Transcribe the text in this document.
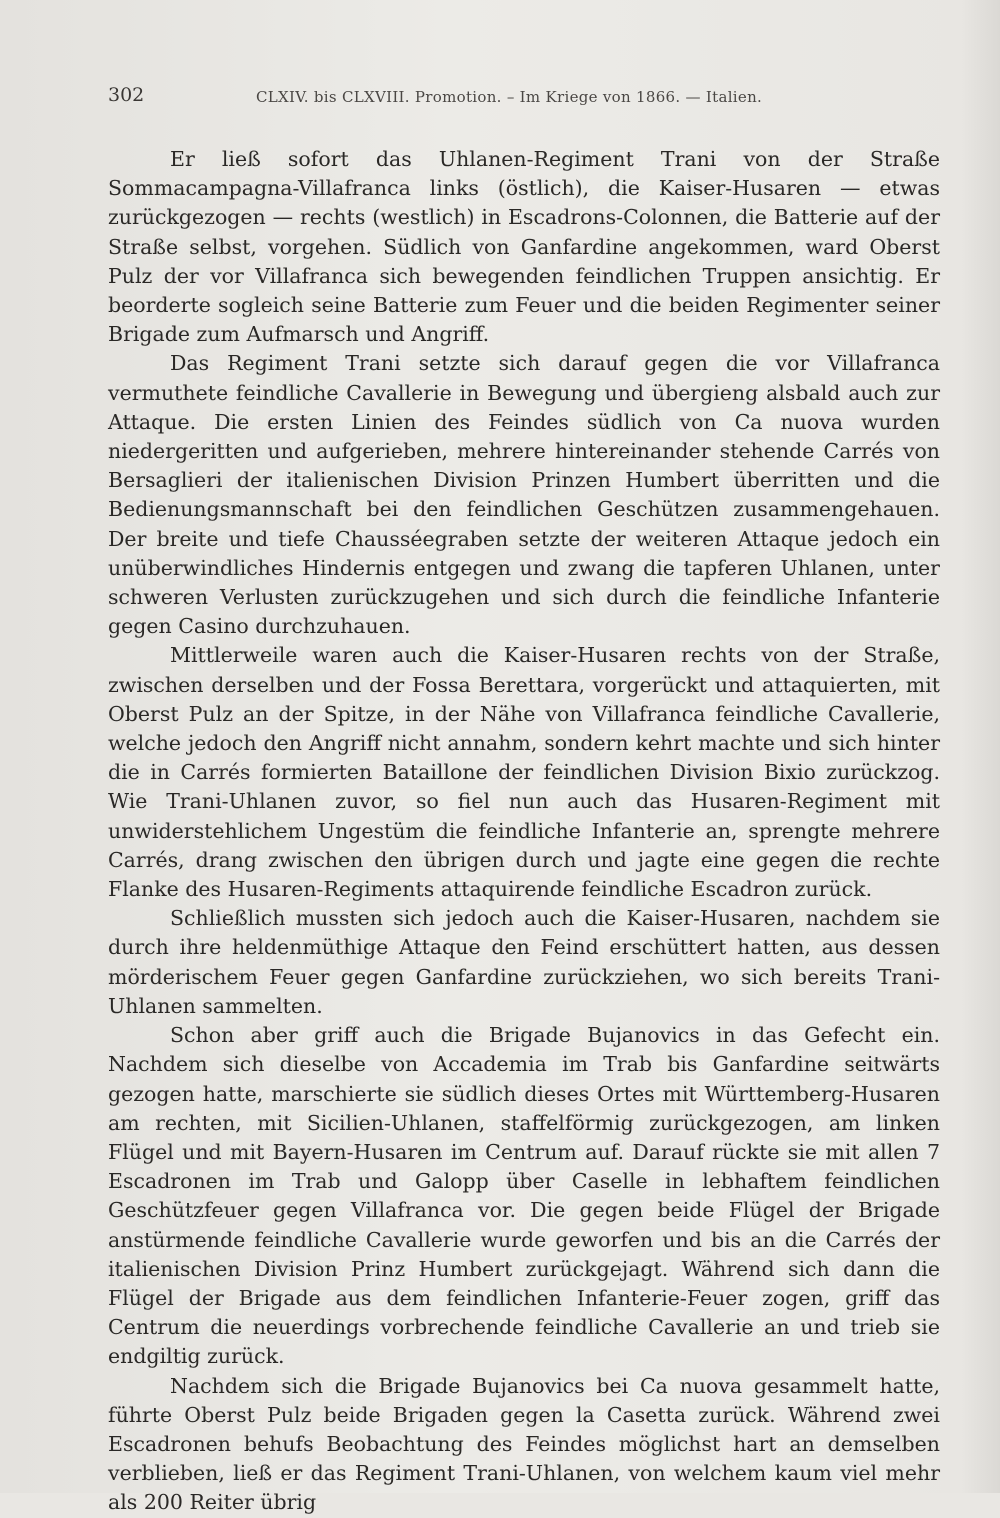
302	CLXIV. bis CLXVIII. Promotion. – Im Kriege von 1866. — Italien.

Er ließ sofort das Uhlanen-Regiment Trani von der Straße Sommacampagna-Villafranca links (östlich), die Kaiser-Husaren — etwas zurückgezogen — rechts (westlich) in Escadrons-Colonnen, die Batterie auf der Straße selbst, vorgehen. Südlich von Ganfardine angekommen, ward Oberst Pulz der vor Villafranca sich bewegenden feindlichen Truppen ansichtig. Er beorderte sogleich seine Batterie zum Feuer und die beiden Regimenter seiner Brigade zum Aufmarsch und Angriff.

Das Regiment Trani setzte sich darauf gegen die vor Villafranca vermuthete feindliche Cavallerie in Bewegung und übergieng alsbald auch zur Attaque. Die ersten Linien des Feindes südlich von Ca nuova wurden niedergeritten und aufgerieben, mehrere hintereinander stehende Carrés von Bersaglieri der italienischen Division Prinzen Humbert überritten und die Bedienungsmannschaft bei den feindlichen Geschützen zusammengehauen. Der breite und tiefe Chausséegraben setzte der weiteren Attaque jedoch ein unüberwindliches Hindernis entgegen und zwang die tapferen Uhlanen, unter schweren Verlusten zurückzugehen und sich durch die feindliche Infanterie gegen Casino durchzuhauen.

Mittlerweile waren auch die Kaiser-Husaren rechts von der Straße, zwischen derselben und der Fossa Berettara, vorgerückt und attaquierten, mit Oberst Pulz an der Spitze, in der Nähe von Villafranca feindliche Cavallerie, welche jedoch den Angriff nicht annahm, sondern kehrt machte und sich hinter die in Carrés formierten Bataillone der feindlichen Division Bixio zurückzog. Wie Trani-Uhlanen zuvor, so fiel nun auch das Husaren-Regiment mit unwiderstehlichem Ungestüm die feindliche Infanterie an, sprengte mehrere Carrés, drang zwischen den übrigen durch und jagte eine gegen die rechte Flanke des Husaren-Regiments attaquirende feindliche Escadron zurück.

Schließlich mussten sich jedoch auch die Kaiser-Husaren, nachdem sie durch ihre heldenmüthige Attaque den Feind erschüttert hatten, aus dessen mörderischem Feuer gegen Ganfardine zurückziehen, wo sich bereits Trani-Uhlanen sammelten.

Schon aber griff auch die Brigade Bujanovics in das Gefecht ein. Nachdem sich dieselbe von Accademia im Trab bis Ganfardine seitwärts gezogen hatte, marschierte sie südlich dieses Ortes mit Württemberg-Husaren am rechten, mit Sicilien-Uhlanen, staffelförmig zurückgezogen, am linken Flügel und mit Bayern-Husaren im Centrum auf. Darauf rückte sie mit allen 7 Escadronen im Trab und Galopp über Caselle in lebhaftem feindlichen Geschützfeuer gegen Villafranca vor. Die gegen beide Flügel der Brigade anstürmende feindliche Cavallerie wurde geworfen und bis an die Carrés der italienischen Division Prinz Humbert zurückgejagt. Während sich dann die Flügel der Brigade aus dem feindlichen Infanterie-Feuer zogen, griff das Centrum die neuerdings vorbrechende feindliche Cavallerie an und trieb sie endgiltig zurück.

Nachdem sich die Brigade Bujanovics bei Ca nuova gesammelt hatte, führte Oberst Pulz beide Brigaden gegen la Casetta zurück. Während zwei Escadronen behufs Beobachtung des Feindes möglichst hart an demselben verblieben, ließ er das Regiment Trani-Uhlanen, von welchem kaum viel mehr als 200 Reiter übrig
